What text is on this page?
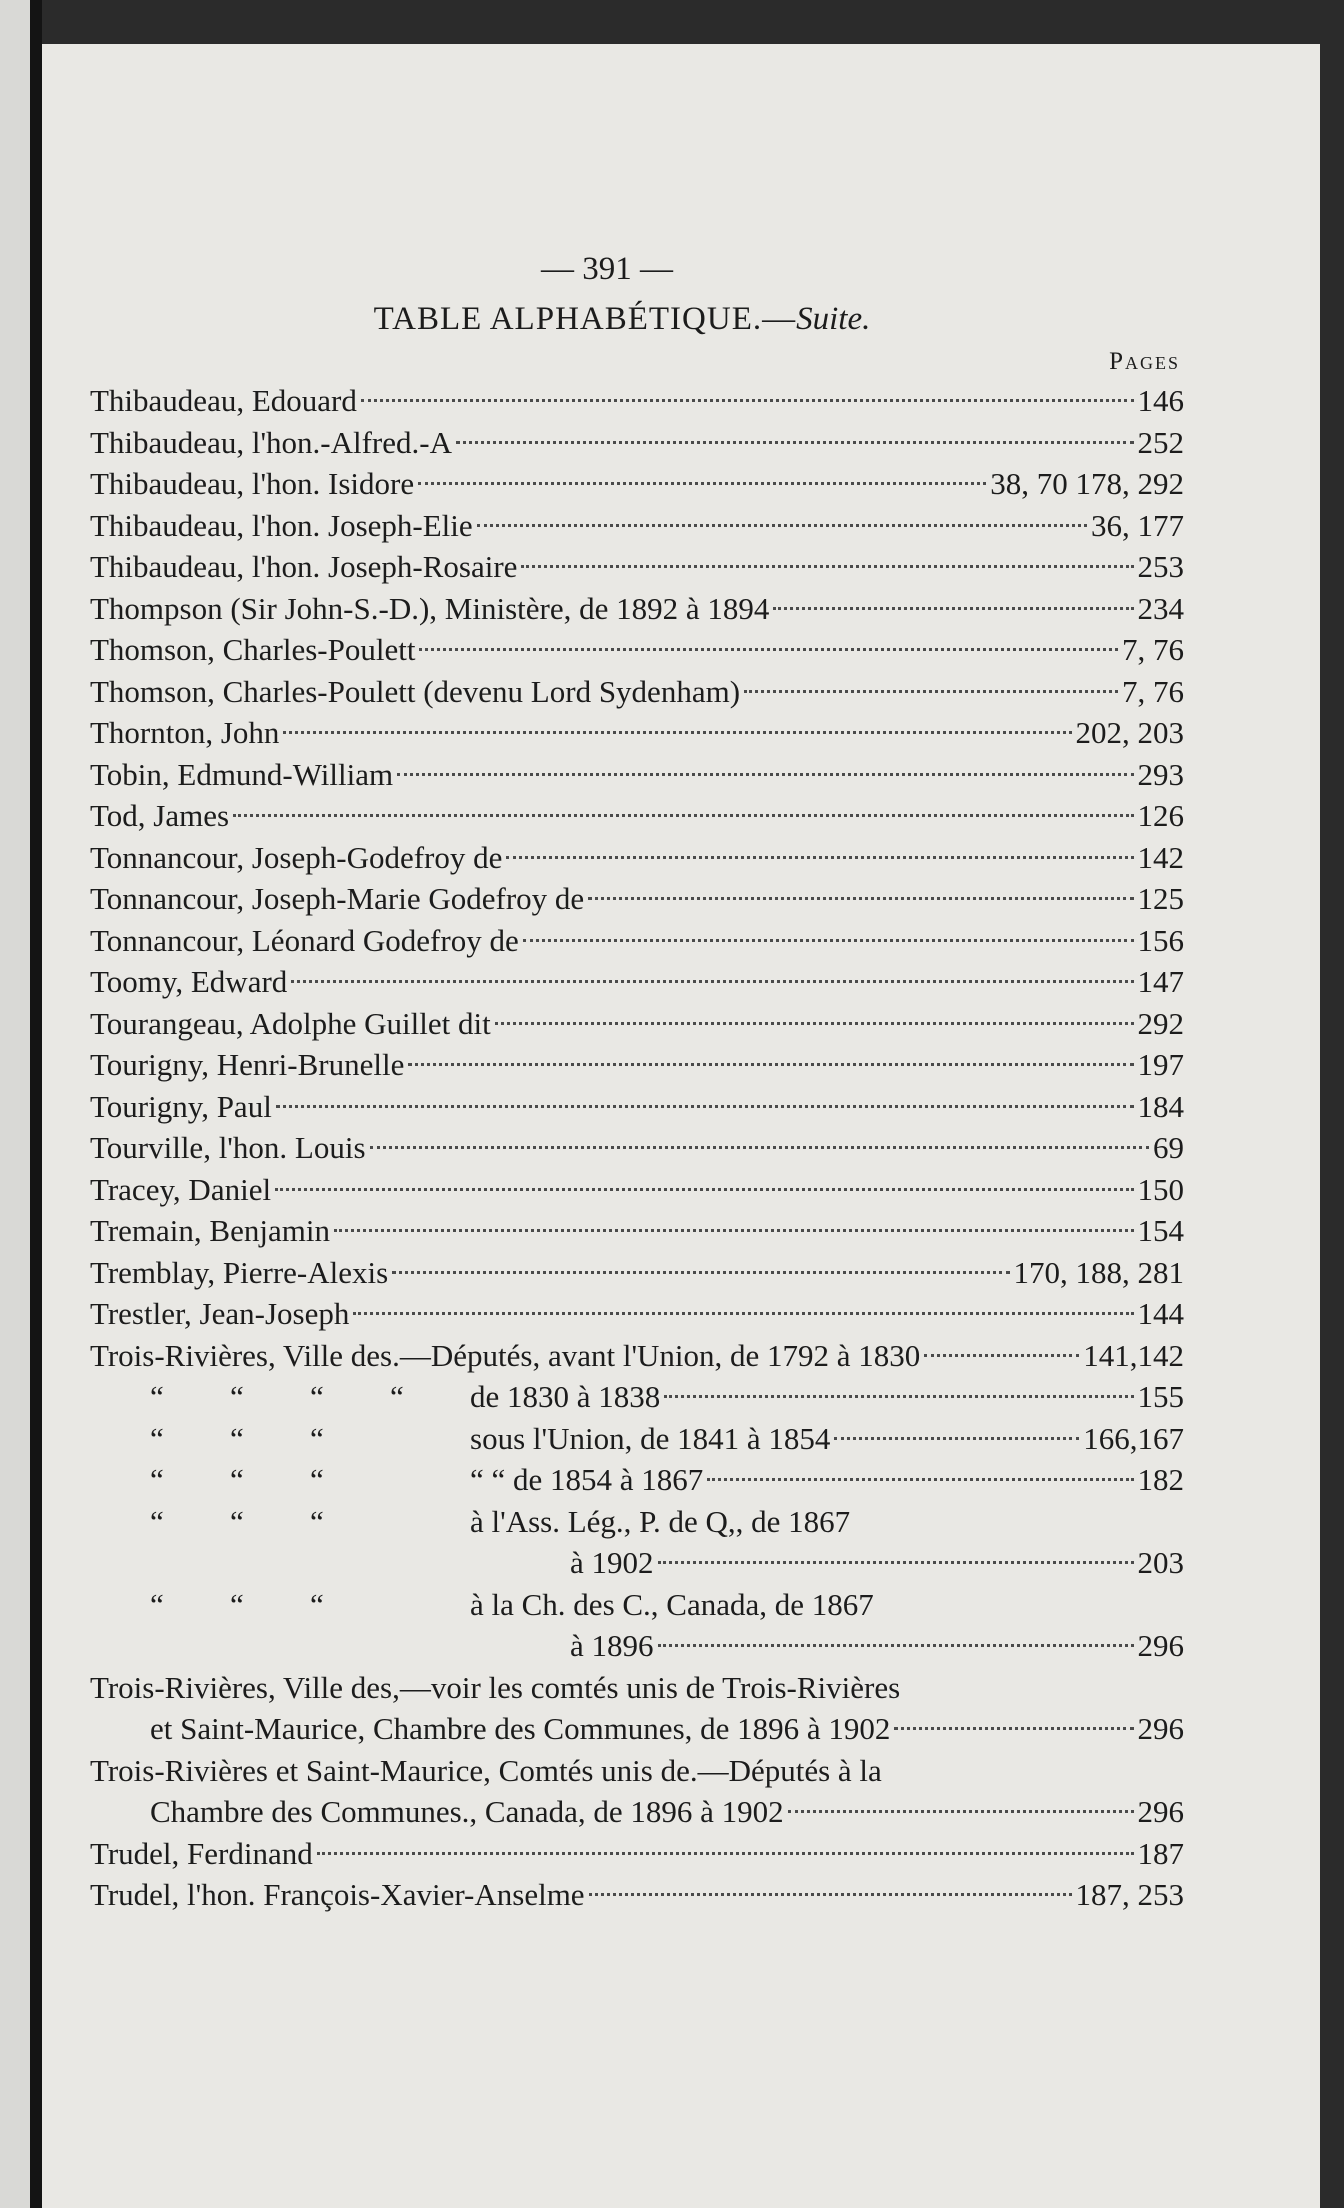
— 391 —
TABLE ALPHABÉTIQUE.—Suite.
Pages
Thibaudeau, Edouard	146
Thibaudeau, l'hon.-Alfred.-A	252
Thibaudeau, l'hon. Isidore	38, 70 178, 292
Thibaudeau, l'hon. Joseph-Elie	36, 177
Thibaudeau, l'hon. Joseph-Rosaire	253
Thompson (Sir John-S.-D.), Ministère, de 1892 à 1894	234
Thomson, Charles-Poulett	7, 76
Thomson, Charles-Poulett (devenu Lord Sydenham)	7, 76
Thornton, John	202, 203
Tobin, Edmund-William	293
Tod, James	126
Tonnancour, Joseph-Godefroy de	142
Tonnancour, Joseph-Marie Godefroy de	125
Tonnancour, Léonard Godefroy de	156
Toomy, Edward	147
Tourangeau, Adolphe Guillet dit	292
Tourigny, Henri-Brunelle	197
Tourigny, Paul	184
Tourville, l'hon. Louis	69
Tracey, Daniel	150
Tremain, Benjamin	154
Tremblay, Pierre-Alexis	170, 188, 281
Trestler, Jean-Joseph	144
Trois-Rivières, Ville des.—Députés, avant l'Union, de 1792 à 1830	141,142
“ “ “ “ de 1830 à 1838	155
“ “ “	sous l'Union, de 1841 à 1854	166,167
“ “ “	“ “ de 1854 à 1867	182
“ “ “	à l'Ass. Lég., P. de Q,, de 1867
à 1902	203
“ “ “	à la Ch. des C., Canada, de 1867
à 1896	296
Trois-Rivières, Ville des,—voir les comtés unis de Trois-Rivières
et Saint-Maurice, Chambre des Communes, de 1896 à 1902	296
Trois-Rivières et Saint-Maurice, Comtés unis de.—Députés à la
Chambre des Communes., Canada, de 1896 à 1902	296
Trudel, Ferdinand	187
Trudel, l'hon. François-Xavier-Anselme	187, 253
